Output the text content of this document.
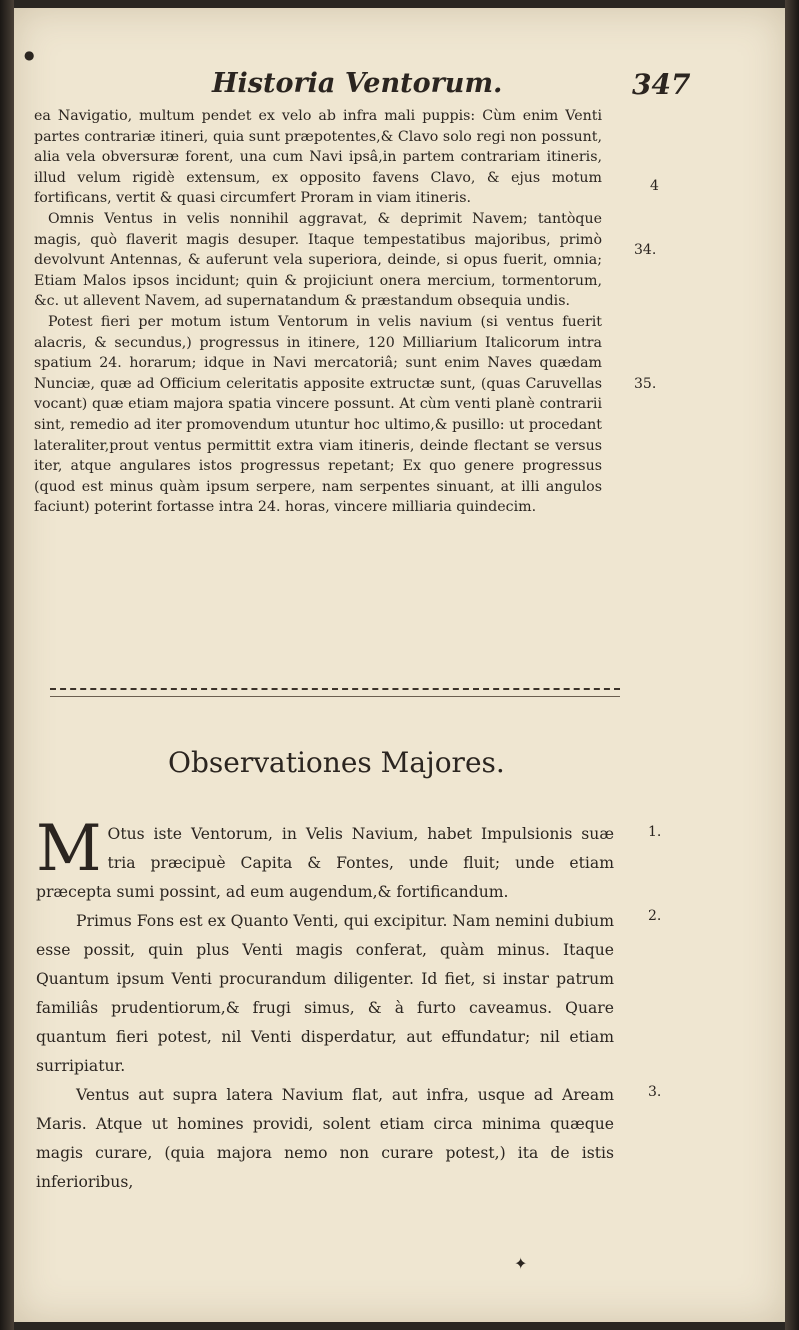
●
Historia Ventorum.	347

ea Navigatio, multum pendet ex velo ab infra mali puppis: Cùm enim Venti partes contrariæ itineri, quia sunt præpotentes,& Clavo solo regi non possunt, alia vela obversuræ forent, una cum Navi ipsâ,in partem contrariam itineris, illud velum rigidè extensum, ex opposito favens Clavo, & ejus motum fortificans, vertit & quasi circumfert Proram in viam itineris.

Omnis Ventus in velis nonnihil aggravat, & deprimit Navem; tantòque magis, quò flaverit magis desuper. Itaque tempestatibus majoribus, primò devolvunt Antennas, & auferunt vela superiora, deinde, si opus fuerit, omnia; Etiam Malos ipsos incidunt; quin & projiciunt onera mercium, tormentorum, &c. ut allevent Navem, ad supernatandum & præstandum obsequia undis.

Potest fieri per motum istum Ventorum in velis navium (si ventus fuerit alacris, & secundus,) progressus in itinere, 120 Milliarium Italicorum intra spatium 24. horarum; idque in Navi mercatoriâ; sunt enim Naves quædam Nunciæ, quæ ad Officium celeritatis apposite extructæ sunt, (quas Caruvellas vocant) quæ etiam majora spatia vincere possunt. At cùm venti planè contrarii sint, remedio ad iter promovendum utuntur hoc ultimo,& pusillo: ut procedant lateraliter,prout ventus permittit extra viam itineris, deinde flectant se versus iter, atque angulares istos progressus repetant; Ex quo genere progressus (quod est minus quàm ipsum serpere, nam serpentes sinuant, at illi angulos faciunt) poterint fortasse intra 24. horas, vincere milliaria quindecim.

4
34.
35.
Observationes Majores.

M Otus iste Ventorum, in Velis Navium, habet Impulsionis suæ tria præcipuè Capita & Fontes, unde fluit; unde etiam præcepta sumi possint, ad eum augendum,& fortificandum.

Primus Fons est ex Quanto Venti, qui excipitur. Nam nemini dubium esse possit, quin plus Venti magis conferat, quàm minus. Itaque Quantum ipsum Venti procurandum diligenter. Id fiet, si instar patrum familiâs prudentiorum,& frugi simus, & à furto caveamus. Quare quantum fieri potest, nil Venti disperdatur, aut effundatur; nil etiam surripiatur.

Ventus aut supra latera Navium flat, aut infra, usque ad Aream Maris. Atque ut homines providi, solent etiam circa minima quæque magis curare, (quia majora nemo non curare potest,) ita de istis inferioribus,

1.
2.
3.
✦
